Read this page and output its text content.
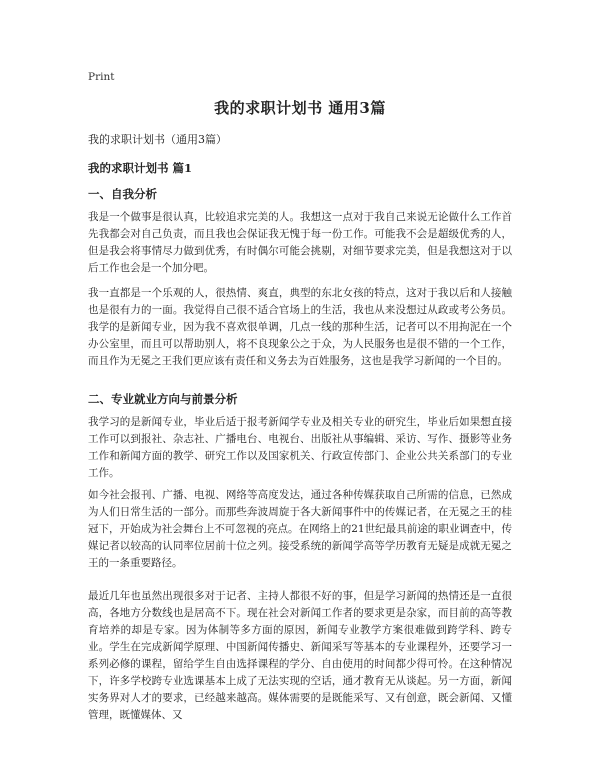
Print
我的求职计划书 通用3篇

我的求职计划书（通用3篇）

我的求职计划书 篇1
一、自我分析

我是一个做事是很认真，比较追求完美的人。我想这一点对于我自己来说无论做什么工作首先我都会对自己负责，而且我也会保证我无愧于每一份工作。可能我不会是超级优秀的人，但是我会将事情尽力做到优秀，有时偶尔可能会挑剔，对细节要求完美，但是我想这对于以后工作也会是一个加分吧。

我一直都是一个乐观的人，很热情、爽直，典型的东北女孩的特点，这对于我以后和人接触也是很有力的一面。我觉得自己很不适合官场上的生活，我也从来没想过从政或考公务员。我学的是新闻专业，因为我不喜欢很单调，几点一线的那种生活，记者可以不用拘泥在一个办公室里，而且可以帮助别人，将不良现象公之于众，为人民服务也是很不错的一个工作，而且作为无冕之王我们更应该有责任和义务去为百姓服务，这也是我学习新闻的一个目的。

二、专业就业方向与前景分析

我学习的是新闻专业，毕业后适于报考新闻学专业及相关专业的研究生，毕业后如果想直接工作可以到报社、杂志社、广播电台、电视台、出版社从事编辑、采访、写作、摄影等业务工作和新闻方面的教学、研究工作以及国家机关、行政宣传部门、企业公共关系部门的专业工作。

如今社会报刊、广播、电视、网络等高度发达，通过各种传媒获取自己所需的信息，已然成为人们日常生活的一部分。而那些奔波周旋于各大新闻事件中的传媒记者，在无冕之王的桂冠下，开始成为社会舞台上不可忽视的亮点。在网络上的21世纪最具前途的职业调查中，传媒记者以较高的认同率位居前十位之列。接受系统的新闻学高等学历教育无疑是成就无冕之王的一条重要路径。

最近几年也虽然出现很多对于记者、主持人都很不好的事，但是学习新闻的热情还是一直很高，各地方分数线也是居高不下。现在社会对新闻工作者的要求更是杂家，而目前的高等教育培养的却是专家。因为体制等多方面的原因，新闻专业教学方案很难做到跨学科、跨专业。学生在完成新闻学原理、中国新闻传播史、新闻采写等基本的专业课程外，还要学习一系列必修的课程，留给学生自由选择课程的学分、自由使用的时间都少得可怜。在这种情况下，许多学校跨专业选课基本上成了无法实现的空话，通才教育无从谈起。另一方面，新闻实务界对人才的要求，已经越来越高。媒体需要的是既能采写、又有创意，既会新闻、又懂管理，既懂媒体、又
